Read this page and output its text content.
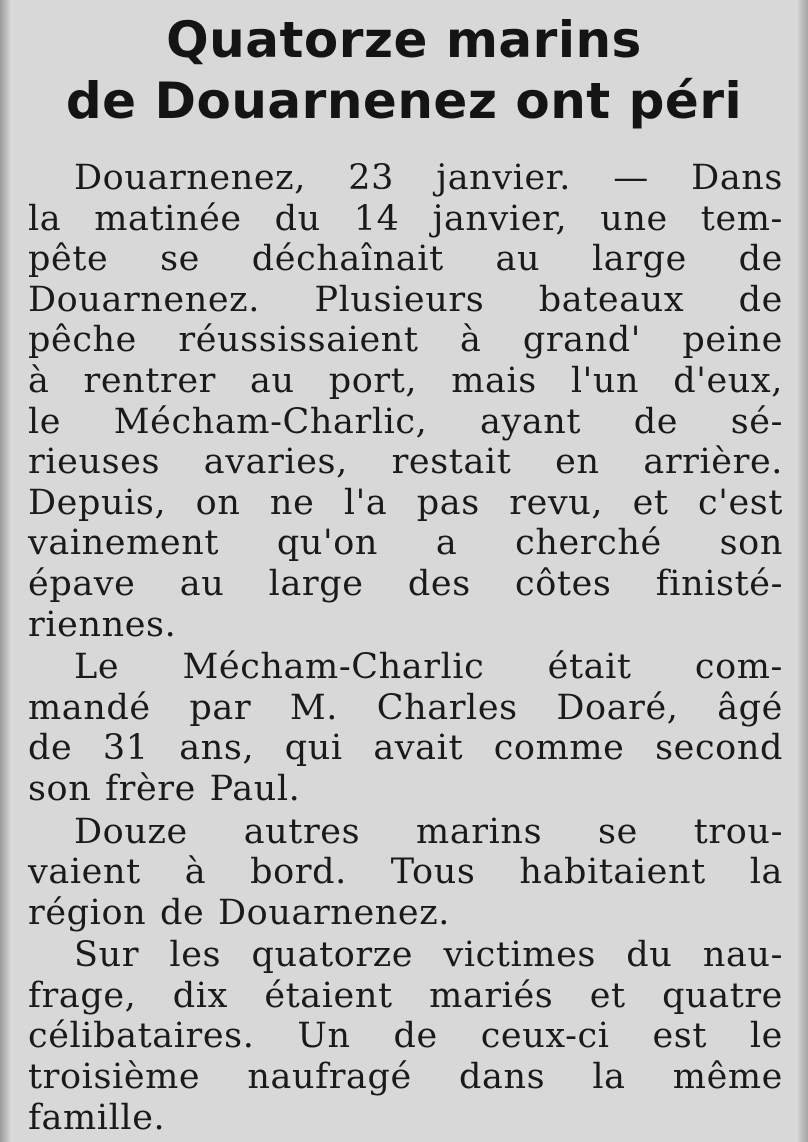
Quatorze marins
de Douarnenez ont péri
Douarnenez, 23 janvier. — Dans
la matinée du 14 janvier, une tem-
pête se déchaînait au large de
Douarnenez. Plusieurs bateaux de
pêche réussissaient à grand' peine
à rentrer au port, mais l'un d'eux,
le Mécham-Charlic, ayant de sé-
rieuses avaries, restait en arrière.
Depuis, on ne l'a pas revu, et c'est
vainement qu'on a cherché son
épave au large des côtes finisté-
riennes.
Le Mécham-Charlic était com-
mandé par M. Charles Doaré, âgé
de 31 ans, qui avait comme second
son frère Paul.
Douze autres marins se trou-
vaient à bord. Tous habitaient la
région de Douarnenez.
Sur les quatorze victimes du nau-
frage, dix étaient mariés et quatre
célibataires. Un de ceux-ci est le
troisième naufragé dans la même
famille.
